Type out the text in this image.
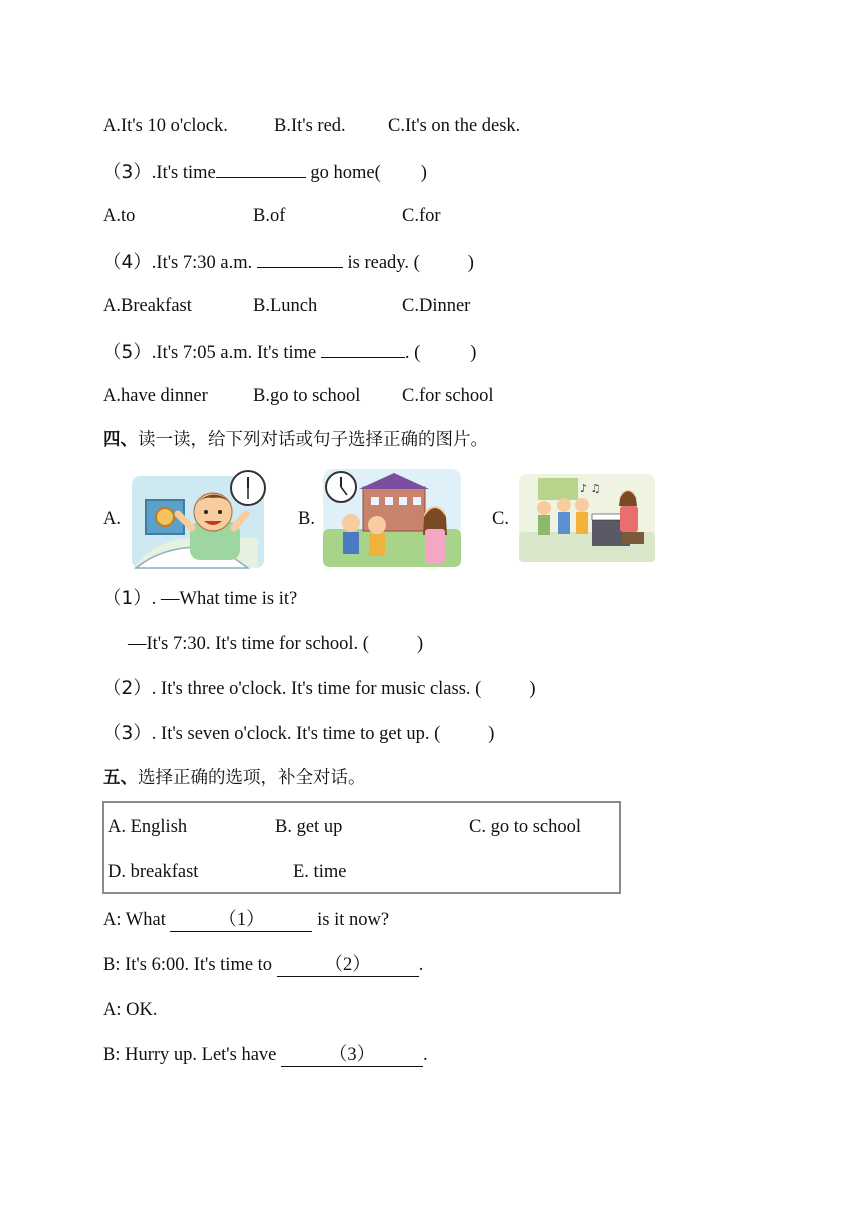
A.It's 10 o'clock. B.It's red. C.It's on the desk.
（3）.It's time	go home( )
A.to	B.of	C.for
（4）.It's 7:30 a.m.	is ready. (	)
A.Breakfast	B.Lunch	C.Dinner
（5）.It's 7:05 a.m. It's time	. (	)
A.have dinner B.go to school C.for school
四、读一读，给下列对话或句子选择正确的图片。
A.	B.	C.
♪ ♫
（1）. —What time is it?
—It's 7:30. It's time for school. (	)
（2）. It's three o'clock. It's time for music class. (	)
（3）. It's seven o'clock. It's time to get up. (	)
五、选择正确的选项，补全对话。
A. English	B. get up	C. go to school
D. breakfast	E. time
A: What	（1）	is it now?
B: It's 6:00. It's time to	（2）	.
A: OK.
B: Hurry up. Let's have	（3）	.
